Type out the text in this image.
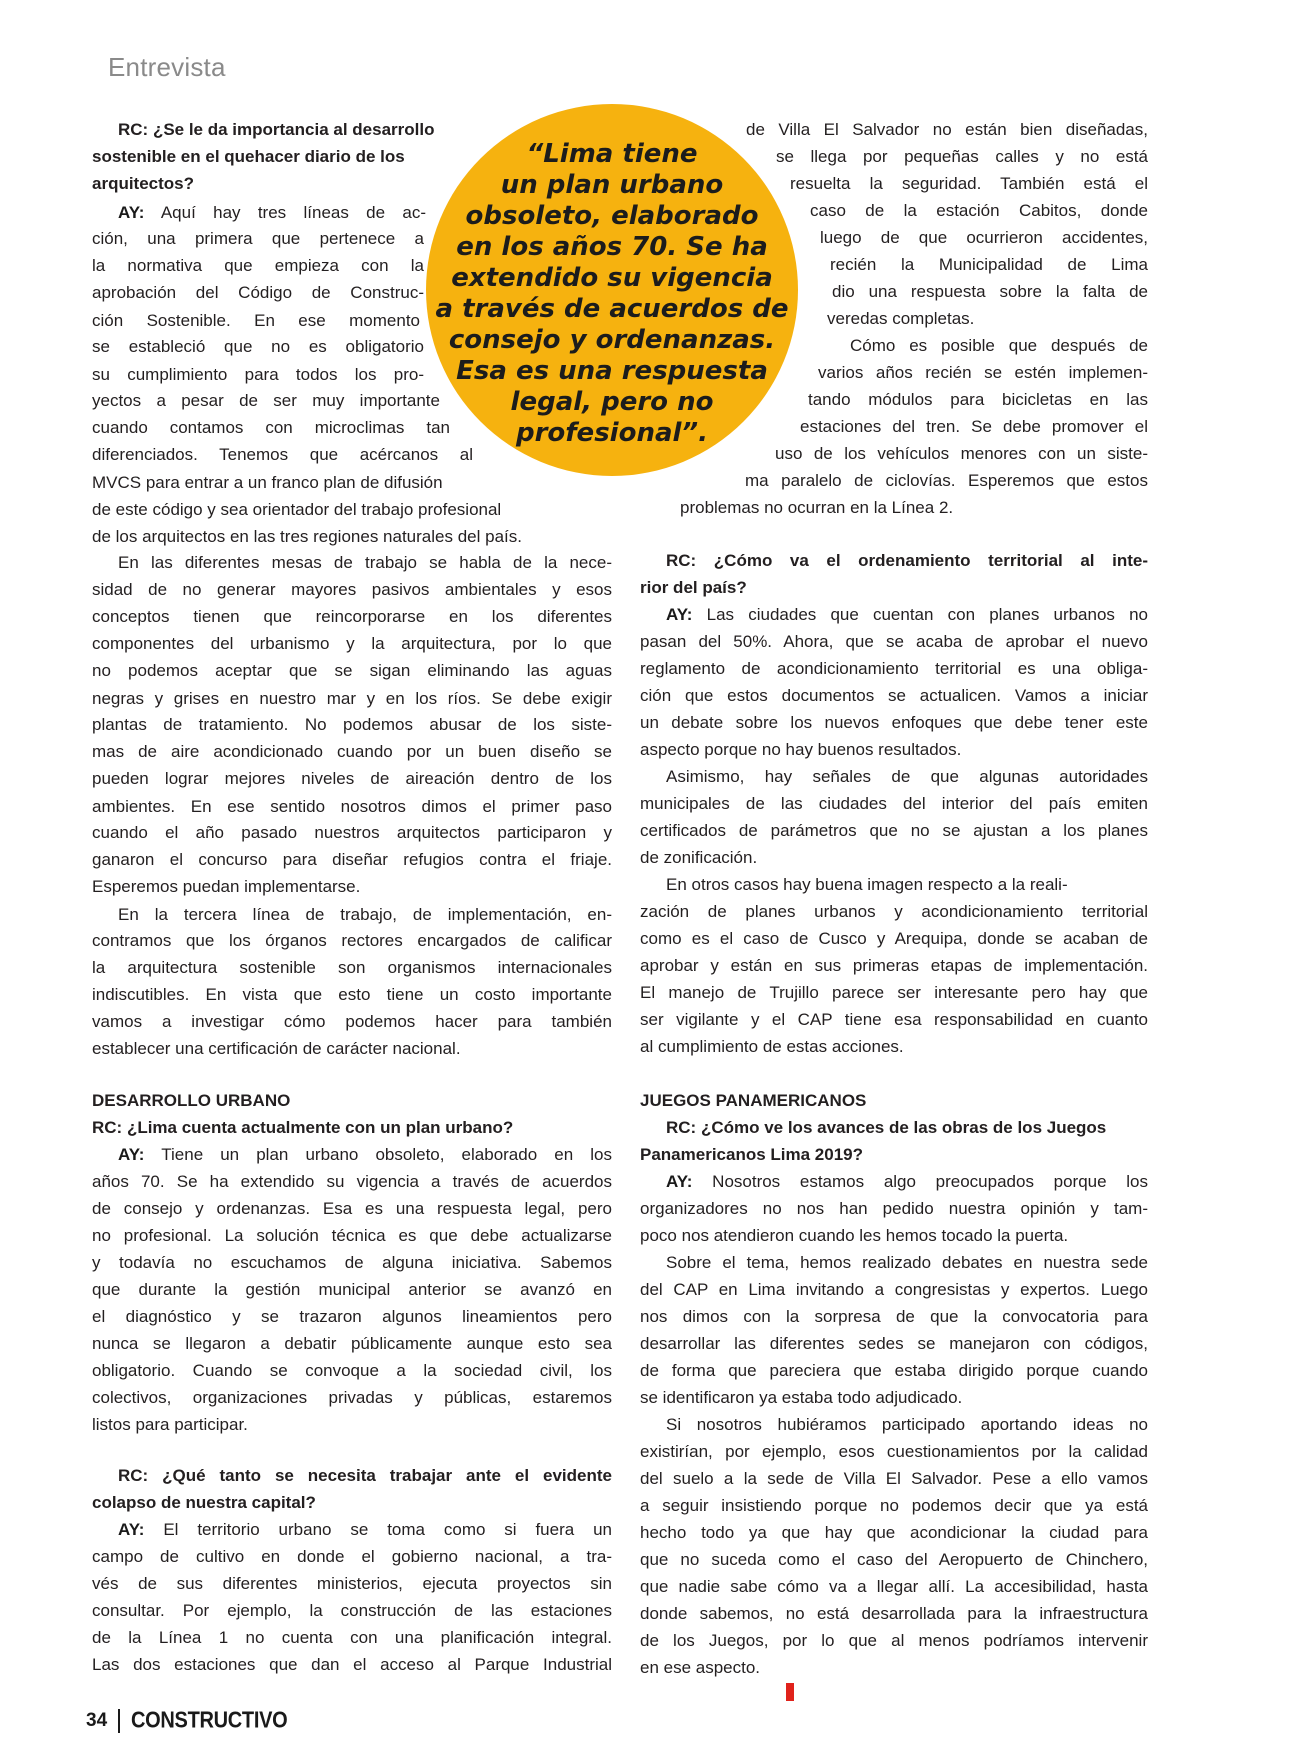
Entrevista
RC: ¿Se le da importancia al desarrollo
sostenible en el quehacer diario de los
arquitectos?
AY: Aquí hay tres líneas de ac-
ción, una primera que pertenece a
la normativa que empieza con la
aprobación del Código de Construc-
ción Sostenible. En ese momento
se estableció que no es obligatorio
su cumplimiento para todos los pro-
yectos a pesar de ser muy importante
cuando contamos con microclimas tan
diferenciados. Tenemos que acércanos al
MVCS para entrar a un franco plan de difusión
de este código y sea orientador del trabajo profesional
de los arquitectos en las tres regiones naturales del país.
En las diferentes mesas de trabajo se habla de la nece-
sidad de no generar mayores pasivos ambientales y esos
conceptos tienen que reincorporarse en los diferentes
componentes del urbanismo y la arquitectura, por lo que
no podemos aceptar que se sigan eliminando las aguas
negras y grises en nuestro mar y en los ríos. Se debe exigir
plantas de tratamiento. No podemos abusar de los siste-
mas de aire acondicionado cuando por un buen diseño se
pueden lograr mejores niveles de aireación dentro de los
ambientes. En ese sentido nosotros dimos el primer paso
cuando el año pasado nuestros arquitectos participaron y
ganaron el concurso para diseñar refugios contra el friaje.
Esperemos puedan implementarse.
En la tercera línea de trabajo, de implementación, en-
contramos que los órganos rectores encargados de calificar
la arquitectura sostenible son organismos internacionales
indiscutibles. En vista que esto tiene un costo importante
vamos a investigar cómo podemos hacer para también
establecer una certificación de carácter nacional.
DESARROLLO URBANO
RC: ¿Lima cuenta actualmente con un plan urbano?
AY: Tiene un plan urbano obsoleto, elaborado en los
años 70. Se ha extendido su vigencia a través de acuerdos
de consejo y ordenanzas. Esa es una respuesta legal, pero
no profesional. La solución técnica es que debe actualizarse
y todavía no escuchamos de alguna iniciativa. Sabemos
que durante la gestión municipal anterior se avanzó en
el diagnóstico y se trazaron algunos lineamientos pero
nunca se llegaron a debatir públicamente aunque esto sea
obligatorio. Cuando se convoque a la sociedad civil, los
colectivos, organizaciones privadas y públicas, estaremos
listos para participar.
RC: ¿Qué tanto se necesita trabajar ante el evidente
colapso de nuestra capital?
AY: El territorio urbano se toma como si fuera un
campo de cultivo en donde el gobierno nacional, a tra-
vés de sus diferentes ministerios, ejecuta proyectos sin
consultar. Por ejemplo, la construcción de las estaciones
de la Línea 1 no cuenta con una planificación integral.
Las dos estaciones que dan el acceso al Parque Industrial
“Lima tiene
un plan urbano
obsoleto, elaborado
en los años 70. Se ha
extendido su vigencia
a través de acuerdos de
consejo y ordenanzas.
Esa es una respuesta
legal, pero no
profesional”.
de Villa El Salvador no están bien diseñadas,
se llega por pequeñas calles y no está
resuelta la seguridad. También está el
caso de la estación Cabitos, donde
luego de que ocurrieron accidentes,
recién la Municipalidad de Lima
dio una respuesta sobre la falta de
veredas completas.
Cómo es posible que después de
varios años recién se estén implemen-
tando módulos para bicicletas en las
estaciones del tren. Se debe promover el
uso de los vehículos menores con un siste-
ma paralelo de ciclovías. Esperemos que estos
problemas no ocurran en la Línea 2.
RC: ¿Cómo va el ordenamiento territorial al inte-
rior del país?
AY: Las ciudades que cuentan con planes urbanos no
pasan del 50%. Ahora, que se acaba de aprobar el nuevo
reglamento de acondicionamiento territorial es una obliga-
ción que estos documentos se actualicen. Vamos a iniciar
un debate sobre los nuevos enfoques que debe tener este
aspecto porque no hay buenos resultados.
Asimismo, hay señales de que algunas autoridades
municipales de las ciudades del interior del país emiten
certificados de parámetros que no se ajustan a los planes
de zonificación.
En otros casos hay buena imagen respecto a la reali-
zación de planes urbanos y acondicionamiento territorial
como es el caso de Cusco y Arequipa, donde se acaban de
aprobar y están en sus primeras etapas de implementación.
El manejo de Trujillo parece ser interesante pero hay que
ser vigilante y el CAP tiene esa responsabilidad en cuanto
al cumplimiento de estas acciones.
JUEGOS PANAMERICANOS
RC: ¿Cómo ve los avances de las obras de los Juegos
Panamericanos Lima 2019?
AY: Nosotros estamos algo preocupados porque los
organizadores no nos han pedido nuestra opinión y tam-
poco nos atendieron cuando les hemos tocado la puerta.
Sobre el tema, hemos realizado debates en nuestra sede
del CAP en Lima invitando a congresistas y expertos. Luego
nos dimos con la sorpresa de que la convocatoria para
desarrollar las diferentes sedes se manejaron con códigos,
de forma que pareciera que estaba dirigido porque cuando
se identificaron ya estaba todo adjudicado.
Si nosotros hubiéramos participado aportando ideas no
existirían, por ejemplo, esos cuestionamientos por la calidad
del suelo a la sede de Villa El Salvador. Pese a ello vamos
a seguir insistiendo porque no podemos decir que ya está
hecho todo ya que hay que acondicionar la ciudad para
que no suceda como el caso del Aeropuerto de Chinchero,
que nadie sabe cómo va a llegar allí. La accesibilidad, hasta
donde sabemos, no está desarrollada para la infraestructura
de los Juegos, por lo que al menos podríamos intervenir
en ese aspecto.
34 CONSTRUCTIVO
